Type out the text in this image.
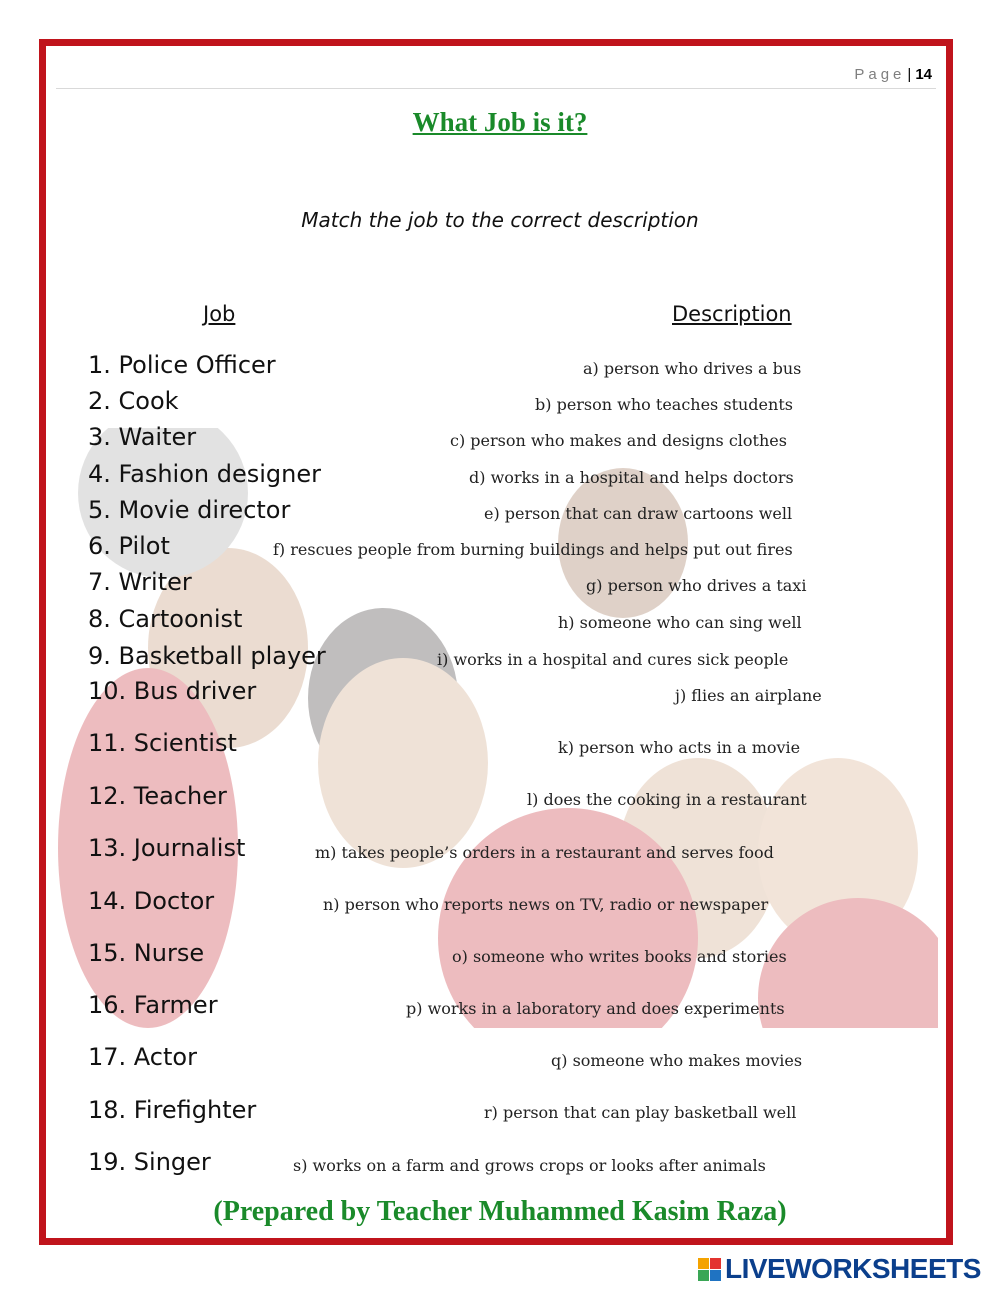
Page | 14
What Job is it?
Match the job to the correct description
Job	Description
1. Police Officer
2. Cook
3. Waiter
4. Fashion designer
5. Movie director
6. Pilot
7. Writer
8. Cartoonist
9. Basketball player
10. Bus driver
11. Scientist
12. Teacher
13. Journalist
14. Doctor
15. Nurse
16. Farmer
17. Actor
18. Firefighter
19. Singer
a) person who drives a bus
b) person who teaches students
c) person who makes and designs clothes
d) works in a hospital and helps doctors
e) person that can draw cartoons well
f) rescues people from burning buildings and helps put out fires
g) person who drives a taxi
h) someone who can sing well
i) works in a hospital and cures sick people
j) flies an airplane
k) person who acts in a movie
l) does the cooking in a restaurant
m) takes people’s orders in a restaurant and serves food
n) person who reports news on TV, radio or newspaper
o) someone who writes books and stories
p) works in a laboratory and does experiments
q) someone who makes movies
r) person that can play basketball well
s) works on a farm and grows crops or looks after animals
(Prepared by Teacher Muhammed Kasim Raza)
LIVEWORKSHEETS
